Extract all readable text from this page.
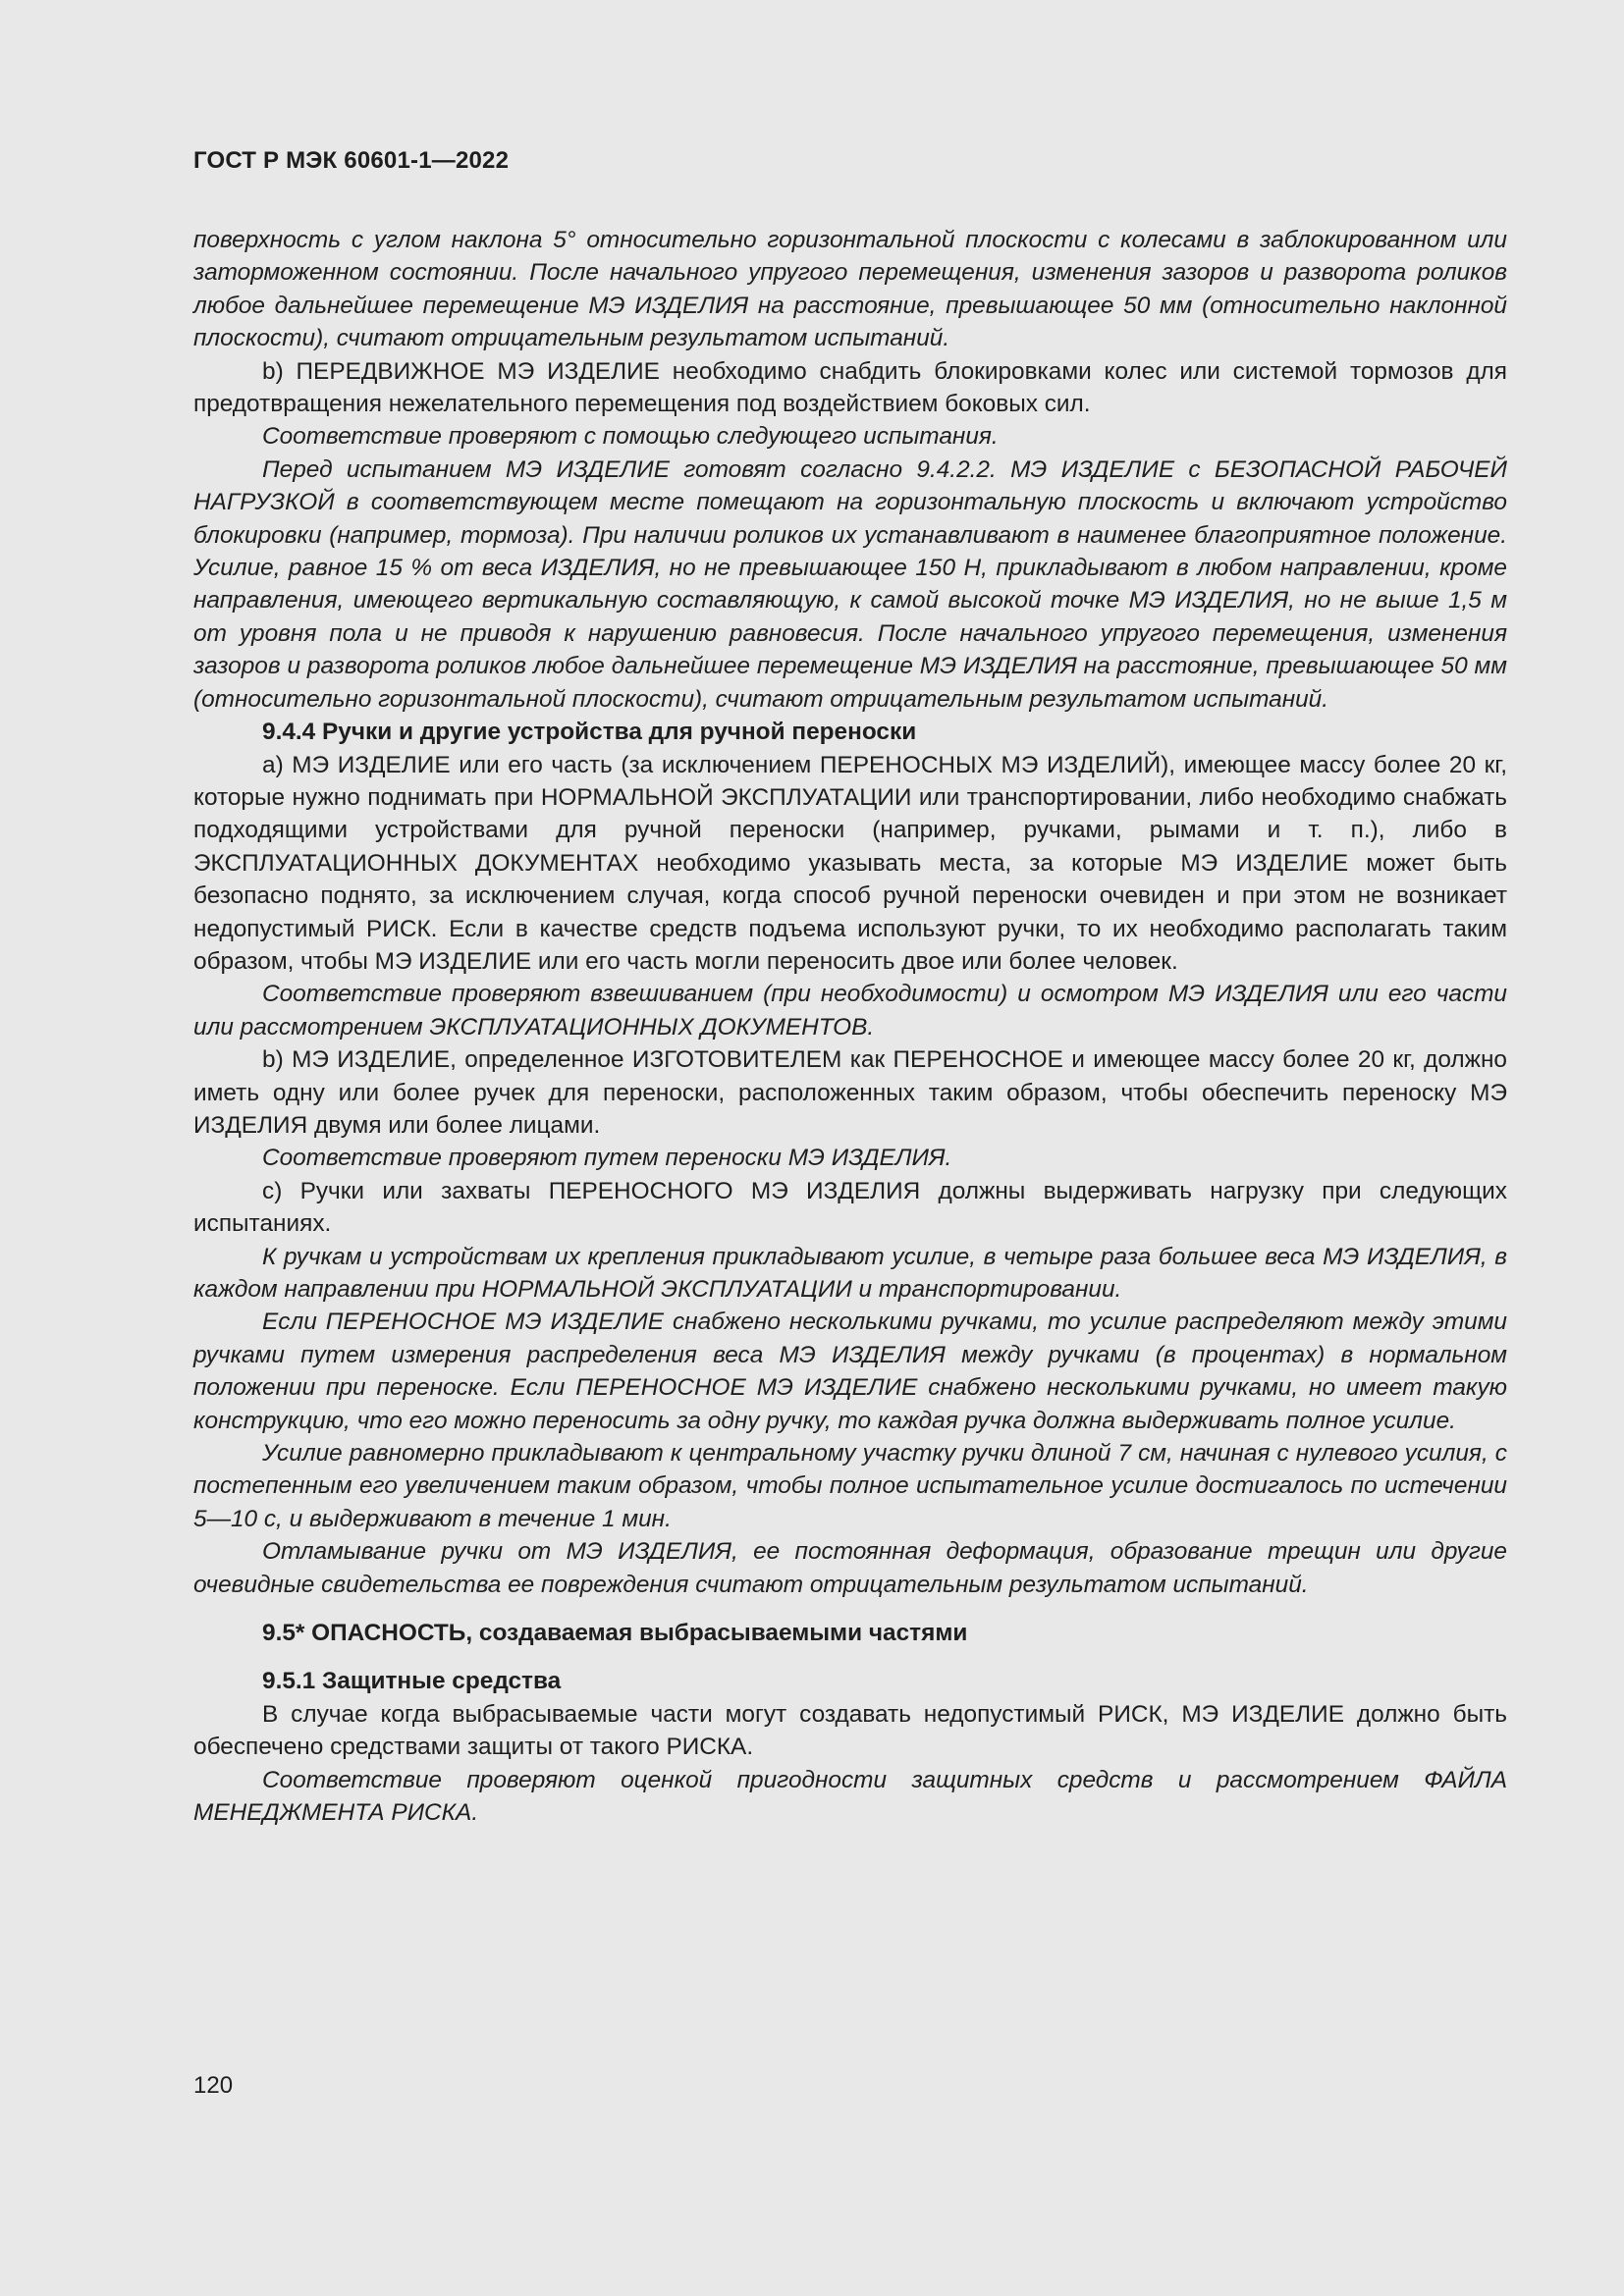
ГОСТ Р МЭК 60601-1—2022

поверхность с углом наклона 5° относительно горизонтальной плоскости с колесами в заблокированном или заторможенном состоянии. После начального упругого перемещения, изменения зазоров и разворота роликов любое дальнейшее перемещение МЭ ИЗДЕЛИЯ на расстояние, превышающее 50 мм (относительно наклонной плоскости), считают отрицательным результатом испытаний.

b) ПЕРЕДВИЖНОЕ МЭ ИЗДЕЛИЕ необходимо снабдить блокировками колес или системой тормозов для предотвращения нежелательного перемещения под воздействием боковых сил.

Соответствие проверяют с помощью следующего испытания.

Перед испытанием МЭ ИЗДЕЛИЕ готовят согласно 9.4.2.2. МЭ ИЗДЕЛИЕ с БЕЗОПАСНОЙ РАБОЧЕЙ НАГРУЗКОЙ в соответствующем месте помещают на горизонтальную плоскость и включают устройство блокировки (например, тормоза). При наличии роликов их устанавливают в наименее благоприятное положение. Усилие, равное 15 % от веса ИЗДЕЛИЯ, но не превышающее 150 Н, прикладывают в любом направлении, кроме направления, имеющего вертикальную составляющую, к самой высокой точке МЭ ИЗДЕЛИЯ, но не выше 1,5 м от уровня пола и не приводя к нарушению равновесия. После начального упругого перемещения, изменения зазоров и разворота роликов любое дальнейшее перемещение МЭ ИЗДЕЛИЯ на расстояние, превышающее 50 мм (относительно горизонтальной плоскости), считают отрицательным результатом испытаний.

9.4.4 Ручки и другие устройства для ручной переноски

a) МЭ ИЗДЕЛИЕ или его часть (за исключением ПЕРЕНОСНЫХ МЭ ИЗДЕЛИЙ), имеющее массу более 20 кг, которые нужно поднимать при НОРМАЛЬНОЙ ЭКСПЛУАТАЦИИ или транспортировании, либо необходимо снабжать подходящими устройствами для ручной переноски (например, ручками, рымами и т. п.), либо в ЭКСПЛУАТАЦИОННЫХ ДОКУМЕНТАХ необходимо указывать места, за которые МЭ ИЗДЕЛИЕ может быть безопасно поднято, за исключением случая, когда способ ручной переноски очевиден и при этом не возникает недопустимый РИСК. Если в качестве средств подъема используют ручки, то их необходимо располагать таким образом, чтобы МЭ ИЗДЕЛИЕ или его часть могли переносить двое или более человек.

Соответствие проверяют взвешиванием (при необходимости) и осмотром МЭ ИЗДЕЛИЯ или его части или рассмотрением ЭКСПЛУАТАЦИОННЫХ ДОКУМЕНТОВ.

b) МЭ ИЗДЕЛИЕ, определенное ИЗГОТОВИТЕЛЕМ как ПЕРЕНОСНОЕ и имеющее массу более 20 кг, должно иметь одну или более ручек для переноски, расположенных таким образом, чтобы обеспечить переноску МЭ ИЗДЕЛИЯ двумя или более лицами.

Соответствие проверяют путем переноски МЭ ИЗДЕЛИЯ.

c) Ручки или захваты ПЕРЕНОСНОГО МЭ ИЗДЕЛИЯ должны выдерживать нагрузку при следующих испытаниях.

К ручкам и устройствам их крепления прикладывают усилие, в четыре раза большее веса МЭ ИЗДЕЛИЯ, в каждом направлении при НОРМАЛЬНОЙ ЭКСПЛУАТАЦИИ и транспортировании.

Если ПЕРЕНОСНОЕ МЭ ИЗДЕЛИЕ снабжено несколькими ручками, то усилие распределяют между этими ручками путем измерения распределения веса МЭ ИЗДЕЛИЯ между ручками (в процентах) в нормальном положении при переноске. Если ПЕРЕНОСНОЕ МЭ ИЗДЕЛИЕ снабжено несколькими ручками, но имеет такую конструкцию, что его можно переносить за одну ручку, то каждая ручка должна выдерживать полное усилие.

Усилие равномерно прикладывают к центральному участку ручки длиной 7 см, начиная с нулевого усилия, с постепенным его увеличением таким образом, чтобы полное испытательное усилие достигалось по истечении 5—10 с, и выдерживают в течение 1 мин.

Отламывание ручки от МЭ ИЗДЕЛИЯ, ее постоянная деформация, образование трещин или другие очевидные свидетельства ее повреждения считают отрицательным результатом испытаний.

9.5* ОПАСНОСТЬ, создаваемая выбрасываемыми частями

9.5.1 Защитные средства

В случае когда выбрасываемые части могут создавать недопустимый РИСК, МЭ ИЗДЕЛИЕ должно быть обеспечено средствами защиты от такого РИСКА.

Соответствие проверяют оценкой пригодности защитных средств и рассмотрением ФАЙЛА МЕНЕДЖМЕНТА РИСКА.

120
